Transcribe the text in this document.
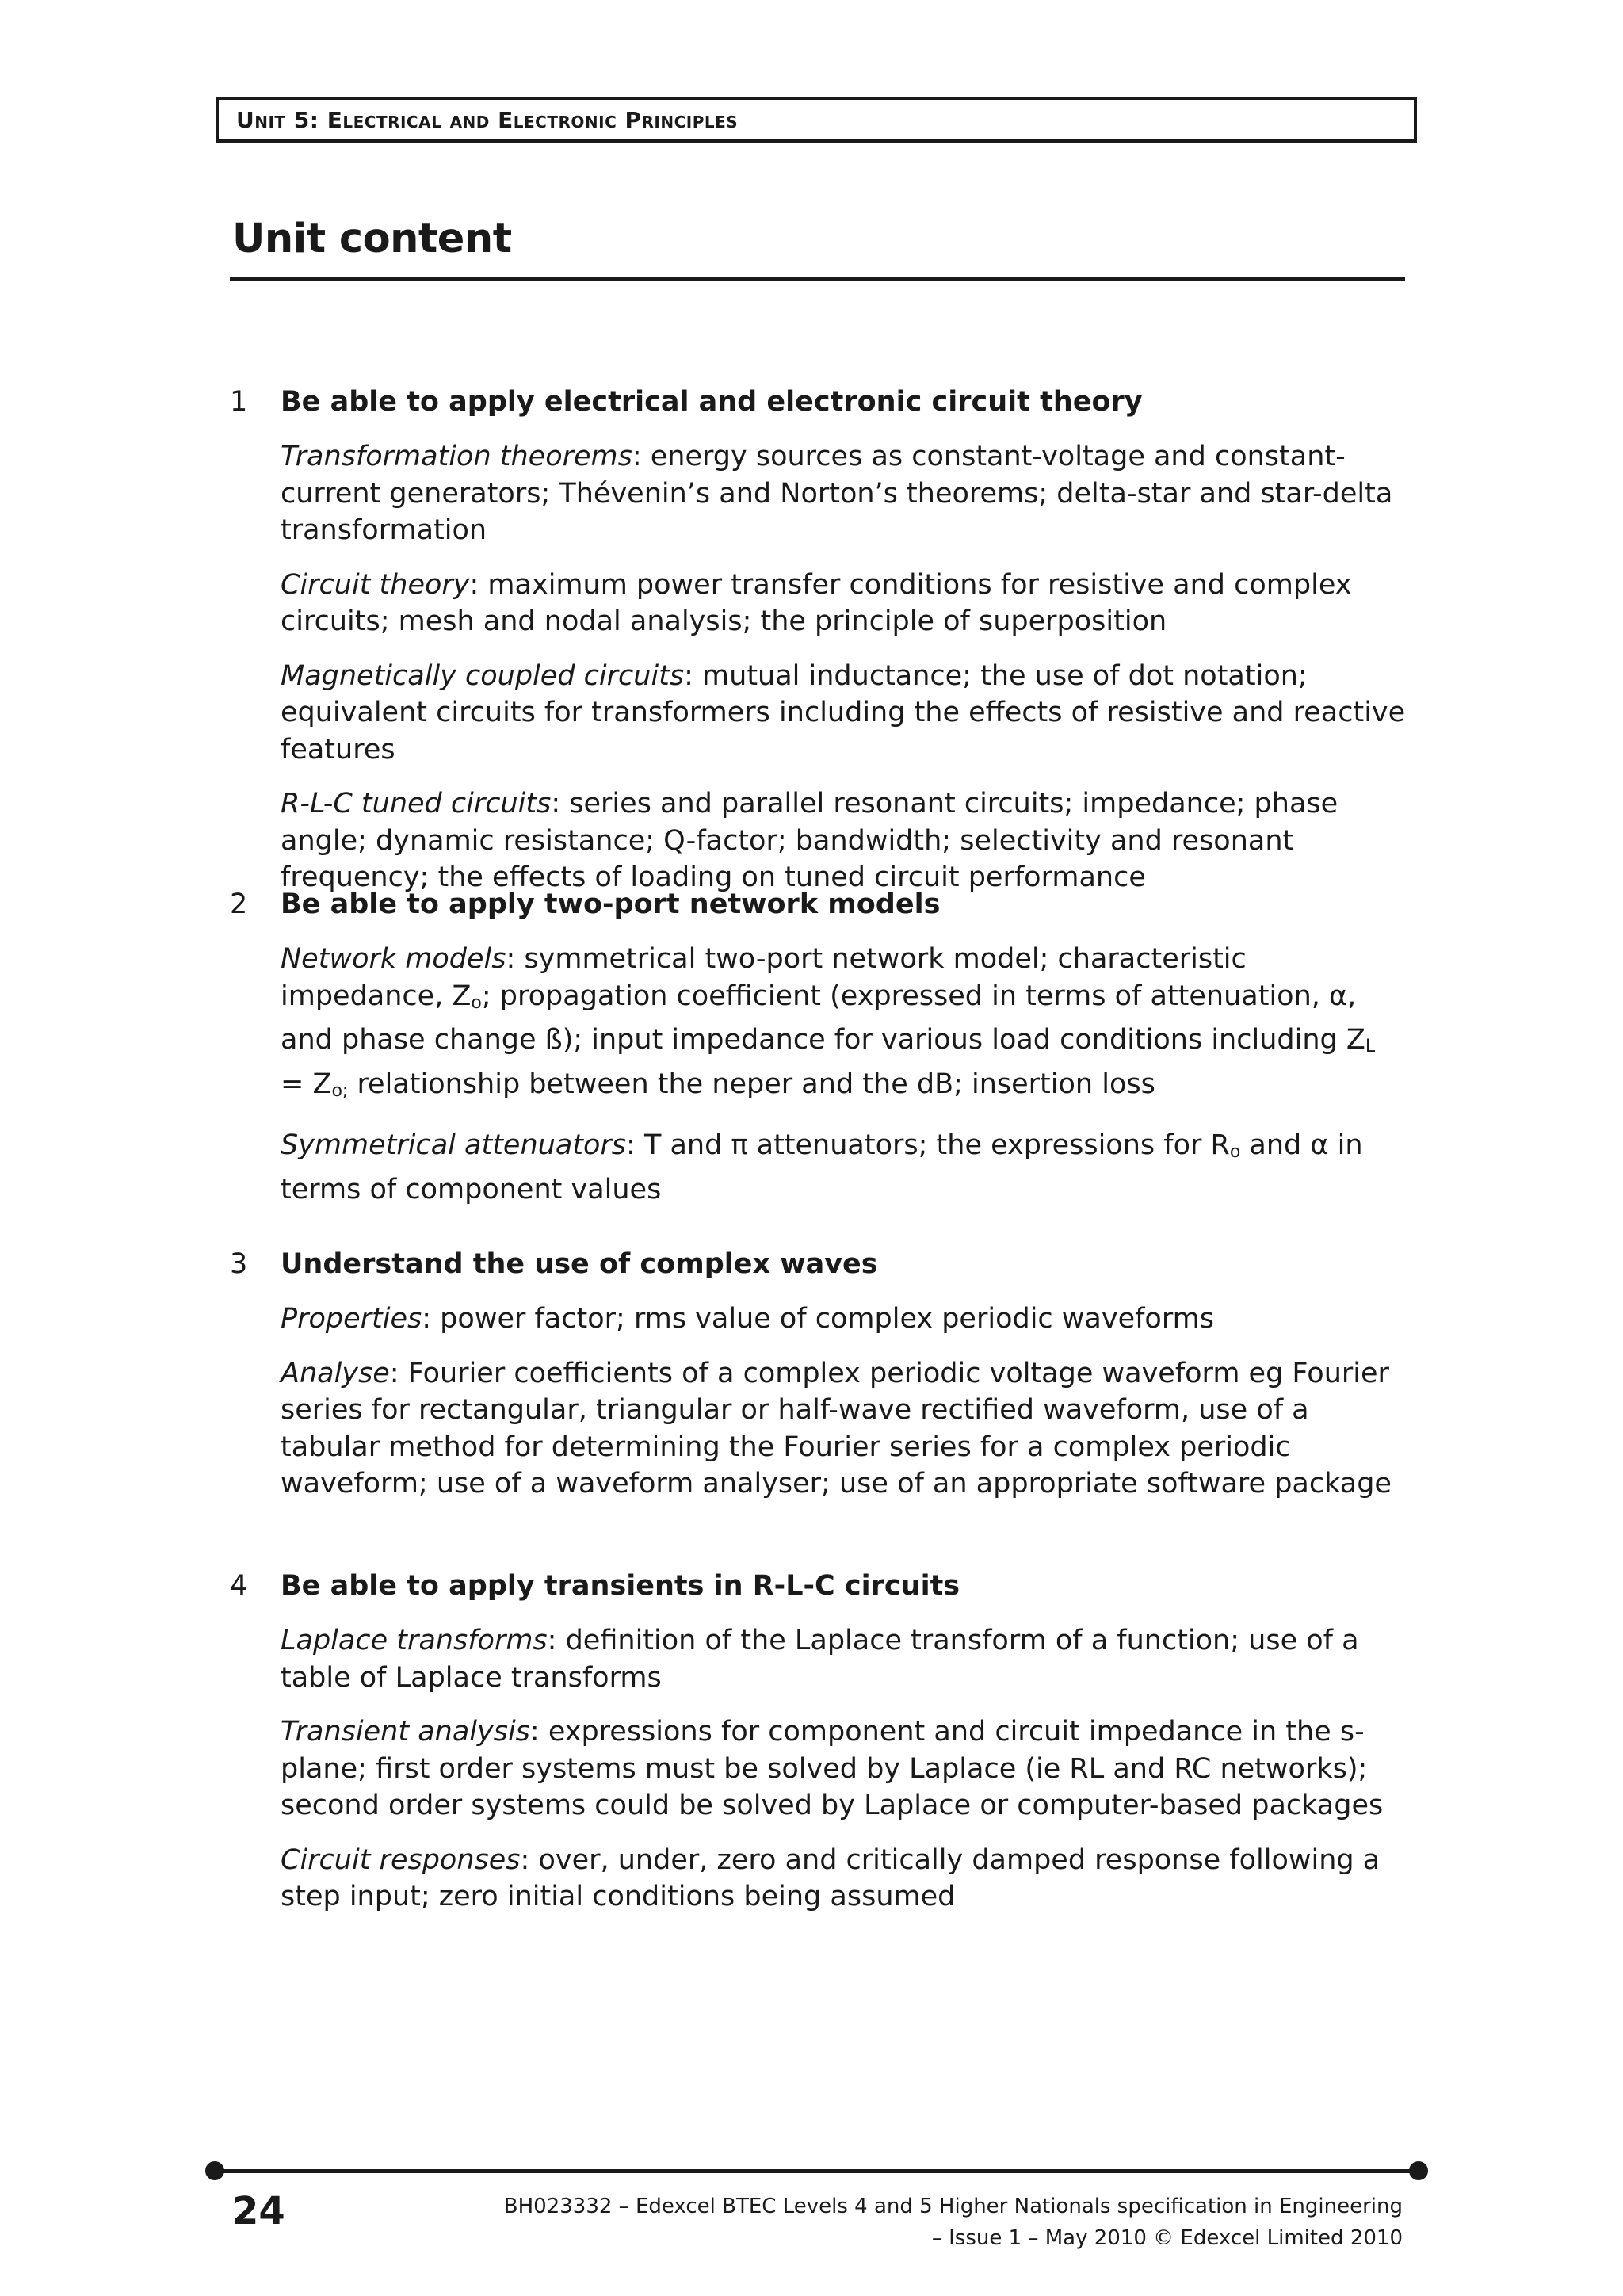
Unit 5: Electrical and Electronic Principles
Unit content
1 Be able to apply electrical and electronic circuit theory

Transformation theorems: energy sources as constant-voltage and constant-current generators; Thévenin’s and Norton’s theorems; delta-star and star-delta transformation

Circuit theory: maximum power transfer conditions for resistive and complex circuits; mesh and nodal analysis; the principle of superposition

Magnetically coupled circuits: mutual inductance; the use of dot notation; equivalent circuits for transformers including the effects of resistive and reactive features

R-L-C tuned circuits: series and parallel resonant circuits; impedance; phase angle; dynamic resistance; Q-factor; bandwidth; selectivity and resonant frequency; the effects of loading on tuned circuit performance

2 Be able to apply two-port network models

Network models: symmetrical two-port network model; characteristic impedance, $Z_o$; propagation coefficient (expressed in terms of attenuation, α, and phase change ß); input impedance for various load conditions including $Z_L = Z_{o;}$ relationship between the neper and the dB; insertion loss

Symmetrical attenuators: T and π attenuators; the expressions for $R_o$ and α in terms of component values

3 Understand the use of complex waves

Properties: power factor; rms value of complex periodic waveforms

Analyse: Fourier coefficients of a complex periodic voltage waveform eg Fourier series for rectangular, triangular or half-wave rectified waveform, use of a tabular method for determining the Fourier series for a complex periodic waveform; use of a waveform analyser; use of an appropriate software package

4 Be able to apply transients in R-L-C circuits

Laplace transforms: definition of the Laplace transform of a function; use of a table of Laplace transforms

Transient analysis: expressions for component and circuit impedance in the s-plane; first order systems must be solved by Laplace (ie RL and RC networks); second order systems could be solved by Laplace or computer-based packages

Circuit responses: over, under, zero and critically damped response following a step input; zero initial conditions being assumed

24	BH023332 – Edexcel BTEC Levels 4 and 5 Higher Nationals specification in Engineering
– Issue 1 – May 2010 © Edexcel Limited 2010
